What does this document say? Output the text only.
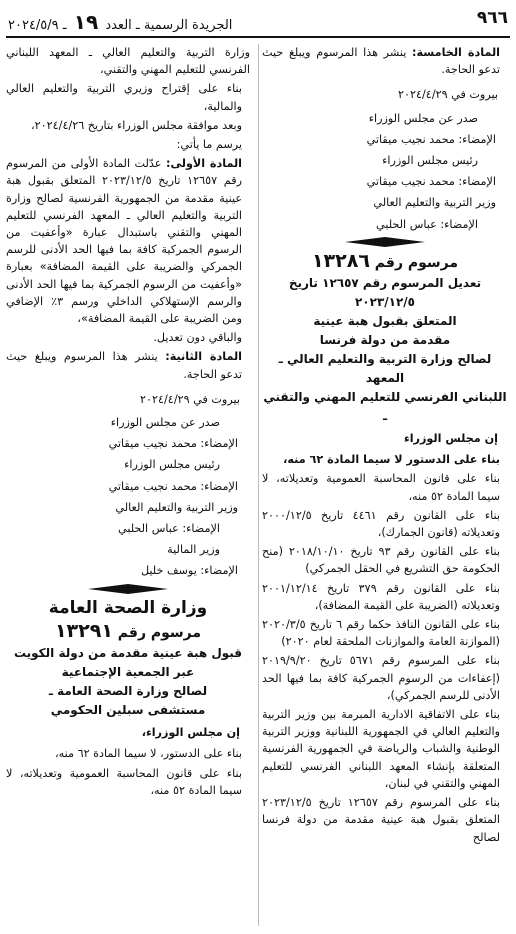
٩٦٦
الجريدة الرسمية ـ العدد ١٩ ـ ٢٠٢٤/٥/٩

المادة الخامسة: ينشر هذا المرسوم ويبلغ حيث تدعو الحاجة.

بيروت في ٢٠٢٤/٤/٢٩

صدر عن مجلس الوزراء

الإمضاء: محمد نجيب ميقاتي

رئيس مجلس الوزراء

الإمضاء: محمد نجيب ميقاتي

وزير التربية والتعليم العالي

الإمضاء: عباس الحلبي

مرسوم رقم ١٣٢٨٦

تعديل المرسوم رقم ١٢٦٥٧ تاريخ ٢٠٢٣/١٢/٥

المتعلق بقبول هبة عينية

مقدمة من دولة فرنسا

لصالح وزارة التربية والتعليم العالي ـ المعهد

اللبناني الفرنسي للتعليم المهني والتقني ـ

إن مجلس الوزراء

بناء على الدستور لا سيما المادة ٦٢ منه،

بناء على قانون المحاسبة العمومية وتعديلاته، لا سيما المادة ٥٢ منه،

بناء على القانون رقم ٤٤٦١ تاريخ ٢٠٠٠/١٢/٥ وتعديلاته (قانون الجمارك)،

بناء على القانون رقم ٩٣ تاريخ ٢٠١٨/١٠/١٠ (منح الحكومة حق التشريع في الحقل الجمركي)

بناء على القانون رقم ٣٧٩ تاريخ ٢٠٠١/١٢/١٤ وتعديلاته (الضريبة على القيمة المضافة)،

بناء على القانون النافذ حكما رقم ٦ تاريخ ٢٠٢٠/٣/٥ (الموازنة العامة والموازنات الملحقة لعام ٢٠٢٠)

بناء على المرسوم رقم ٥٦٧١ تاريخ ٢٠١٩/٩/٢٠ (إعفاءات من الرسوم الجمركية كافة بما فيها الحد الأدنى للرسم الجمركي)،

بناء على الاتفاقية الادارية المبرمة بين وزير التربية والتعليم العالي في الجمهورية اللبنانية ووزير التربية الوطنية والشباب والرياضة في الجمهورية الفرنسية المتعلقة بإنشاء المعهد اللبناني الفرنسي للتعليم المهني والتقني في لبنان،

بناء على المرسوم رقم ١٢٦٥٧ تاريخ ٢٠٢٣/١٢/٥ المتعلق بقبول هبة عينية مقدمة من دولة فرنسا لصالح

وزارة التربية والتعليم العالي ـ المعهد اللبناني الفرنسي للتعليم المهني والتقني،

بناء على إقتراح وزيري التربية والتعليم العالي والمالية،

وبعد موافقة مجلس الوزراء بتاريخ ٢٠٢٤/٤/٢٦،

يرسم ما يأتي:

المادة الأولى: عدّلت المادة الأولى من المرسوم رقم ١٢٦٥٧ تاريخ ٢٠٢٣/١٢/٥ المتعلق بقبول هبة عينية مقدمة من الجمهورية الفرنسية لصالح وزارة التربية والتعليم العالي ـ المعهد الفرنسي للتعليم المهني والتقني باستبدال عبارة «وأعفيت من الرسوم الجمركية كافة بما فيها الحد الأدنى للرسم الجمركي والضريبة على القيمة المضافة» بعبارة «وأعفيت من الرسوم الجمركية بما فيها الحد الأدنى والرسم الإستهلاكي الداخلي ورسم ٣٪ الإضافي ومن الضريبة على القيمة المضافة»،

والباقي دون تعديل.

المادة الثانية: ينشر هذا المرسوم ويبلغ حيث تدعو الحاجة.

بيروت في ٢٠٢٤/٤/٢٩

صدر عن مجلس الوزراء

الإمضاء: محمد نجيب ميقاتي

رئيس مجلس الوزراء

الإمضاء: محمد نجيب ميقاتي

وزير التربية والتعليم العالي

الإمضاء: عباس الحلبي

وزير المالية

الإمضاء: يوسف خليل

وزارة الصحة العامة

مرسوم رقم ١٣٢٩١

قبول هبة عينية مقدمة من دولة الكويت

عبر الجمعية الإجتماعية

لصالح وزارة الصحة العامة ـ

مستشفى سبلين الحكومي

إن مجلس الوزراء،

بناء على الدستور، لا سيما المادة ٦٢ منه،

بناء على قانون المحاسبة العمومية وتعديلاته، لا سيما المادة ٥٢ منه،
